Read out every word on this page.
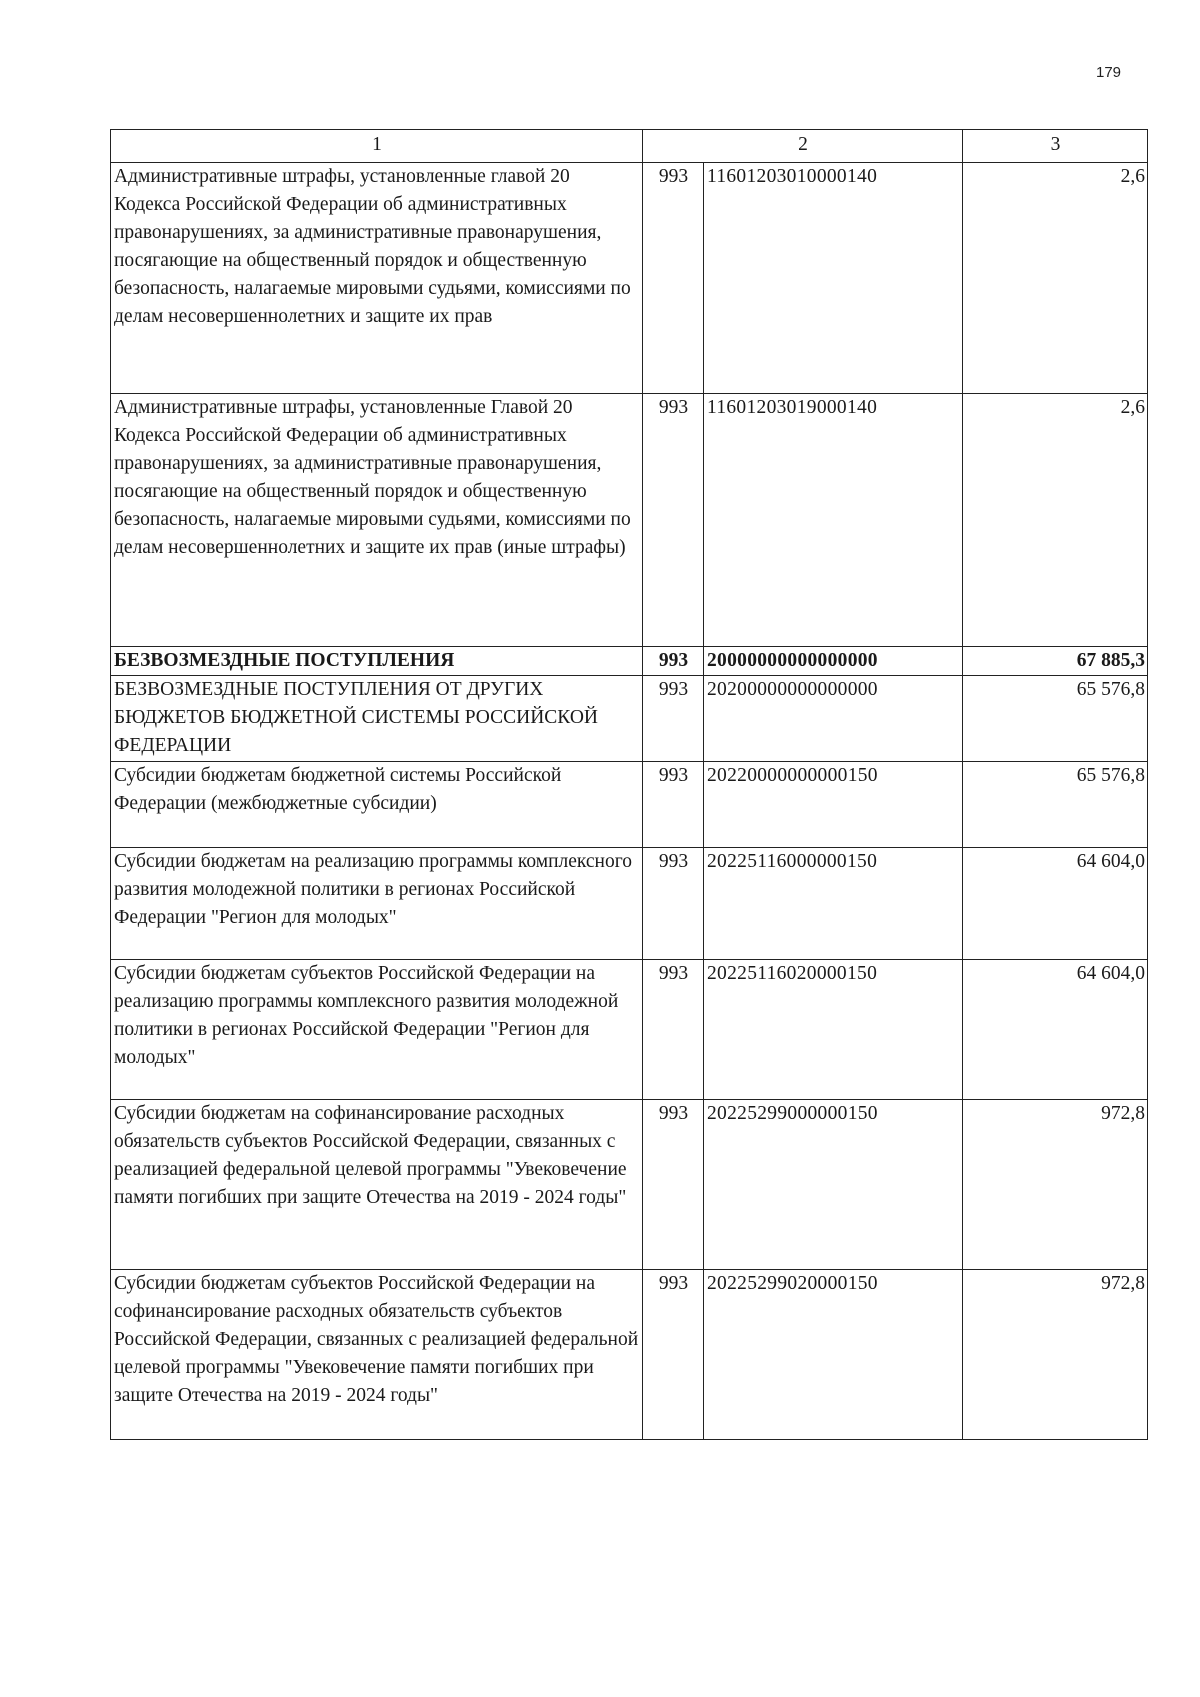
179
1	2		3
Административные штрафы, установленные главой 20 Кодекса Российской Федерации об административных правонарушениях, за административные правонарушения, посягающие на общественный порядок и общественную безопасность, налагаемые мировыми судьями, комиссиями по делам несовершеннолетних и защите их прав	993	11601203010000140	2,6
Административные штрафы, установленные Главой 20 Кодекса Российской Федерации об административных правонарушениях, за административные правонарушения, посягающие на общественный порядок и общественную безопасность, налагаемые мировыми судьями, комиссиями по делам несовершеннолетних и защите их прав (иные штрафы)	993	11601203019000140	2,6
БЕЗВОЗМЕЗДНЫЕ ПОСТУПЛЕНИЯ	993	20000000000000000	67 885,3
БЕЗВОЗМЕЗДНЫЕ ПОСТУПЛЕНИЯ ОТ ДРУГИХ БЮДЖЕТОВ БЮДЖЕТНОЙ СИСТЕМЫ РОССИЙСКОЙ ФЕДЕРАЦИИ	993	20200000000000000	65 576,8
Субсидии бюджетам бюджетной системы Российской Федерации (межбюджетные субсидии)	993	20220000000000150	65 576,8
Субсидии бюджетам на реализацию программы комплексного развития молодежной политики в регионах Российской Федерации "Регион для молодых"	993	20225116000000150	64 604,0
Субсидии бюджетам субъектов Российской Федерации на реализацию программы комплексного развития молодежной политики в регионах Российской Федерации "Регион для молодых"	993	20225116020000150	64 604,0
Субсидии бюджетам на софинансирование расходных обязательств субъектов Российской Федерации, связанных с реализацией федеральной целевой программы "Увековечение памяти погибших при защите Отечества на 2019 - 2024 годы"	993	20225299000000150	972,8
Субсидии бюджетам субъектов Российской Федерации на софинансирование расходных обязательств субъектов Российской Федерации, связанных с реализацией федеральной целевой программы "Увековечение памяти погибших при защите Отечества на 2019 - 2024 годы"	993	20225299020000150	972,8
